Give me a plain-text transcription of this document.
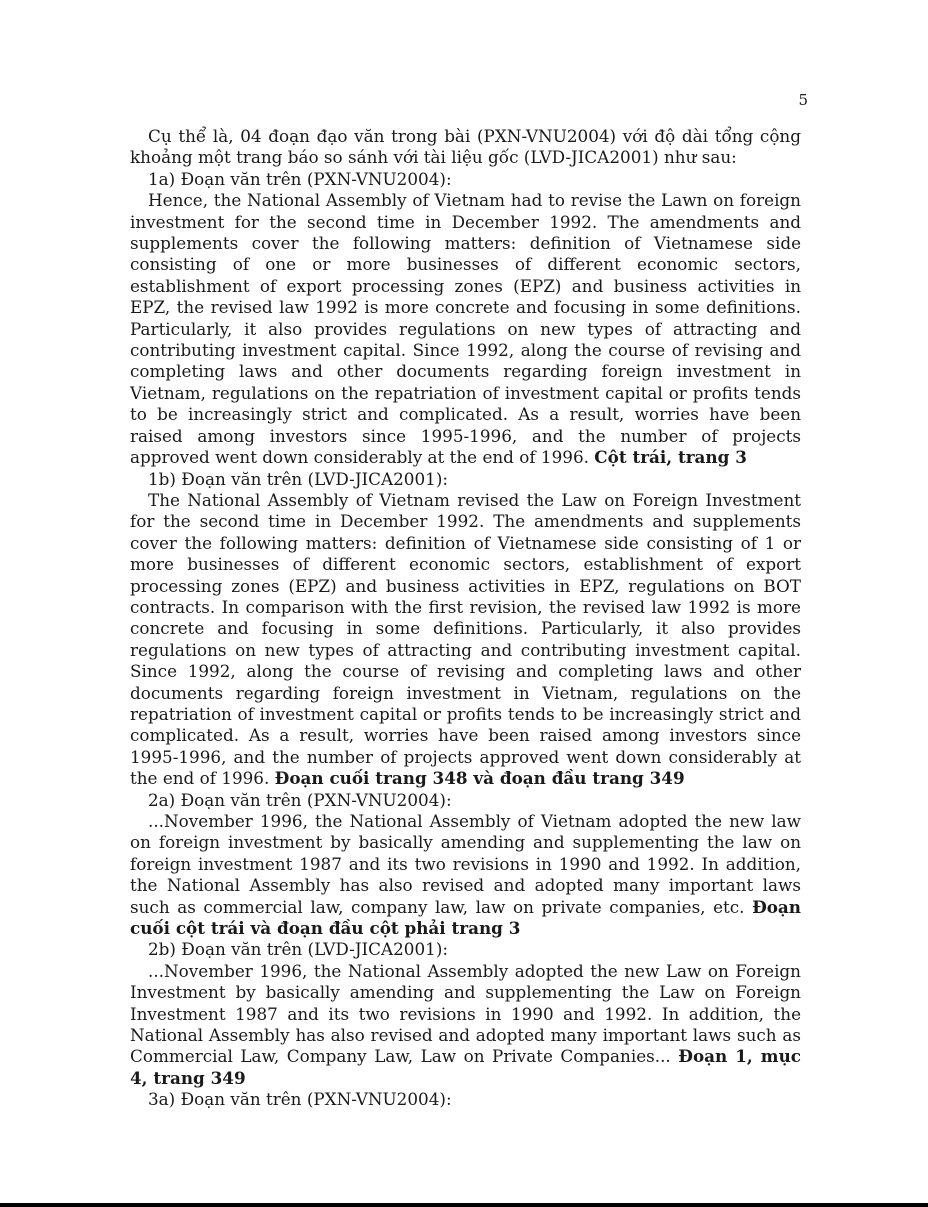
5

Cụ thể là, 04 đoạn đạo văn trong bài (PXN-VNU2004) với độ dài tổng cộng khoảng một trang báo so sánh với tài liệu gốc (LVD-JICA2001) như sau:

1a) Đoạn văn trên (PXN-VNU2004):

Hence, the National Assembly of Vietnam had to revise the Lawn on foreign investment for the second time in December 1992. The amendments and supplements cover the following matters: definition of Vietnamese side consisting of one or more businesses of different economic sectors, establishment of export processing zones (EPZ) and business activities in EPZ, the revised law 1992 is more concrete and focusing in some definitions. Particularly, it also provides regulations on new types of attracting and contributing investment capital. Since 1992, along the course of revising and completing laws and other documents regarding foreign investment in Vietnam, regulations on the repatriation of investment capital or profits tends to be increasingly strict and complicated. As a result, worries have been raised among investors since 1995-1996, and the number of projects approved went down considerably at the end of 1996. Cột trái, trang 3

1b) Đoạn văn trên (LVD-JICA2001):

The National Assembly of Vietnam revised the Law on Foreign Investment for the second time in December 1992. The amendments and supplements cover the following matters: definition of Vietnamese side consisting of 1 or more businesses of different economic sectors, establishment of export processing zones (EPZ) and business activities in EPZ, regulations on BOT contracts. In comparison with the first revision, the revised law 1992 is more concrete and focusing in some definitions. Particularly, it also provides regulations on new types of attracting and contributing investment capital. Since 1992, along the course of revising and completing laws and other documents regarding foreign investment in Vietnam, regulations on the repatriation of investment capital or profits tends to be increasingly strict and complicated. As a result, worries have been raised among investors since 1995-1996, and the number of projects approved went down considerably at the end of 1996. Đoạn cuối trang 348 và đoạn đầu trang 349

2a) Đoạn văn trên (PXN-VNU2004):

...November 1996, the National Assembly of Vietnam adopted the new law on foreign investment by basically amending and supplementing the law on foreign investment 1987 and its two revisions in 1990 and 1992. In addition, the National Assembly has also revised and adopted many important laws such as commercial law, company law, law on private companies, etc. Đoạn cuối cột trái và đoạn đầu cột phải trang 3

2b) Đoạn văn trên (LVD-JICA2001):

...November 1996, the National Assembly adopted the new Law on Foreign Investment by basically amending and supplementing the Law on Foreign Investment 1987 and its two revisions in 1990 and 1992. In addition, the National Assembly has also revised and adopted many important laws such as Commercial Law, Company Law, Law on Private Companies... Đoạn 1, mục 4, trang 349

3a) Đoạn văn trên (PXN-VNU2004):
